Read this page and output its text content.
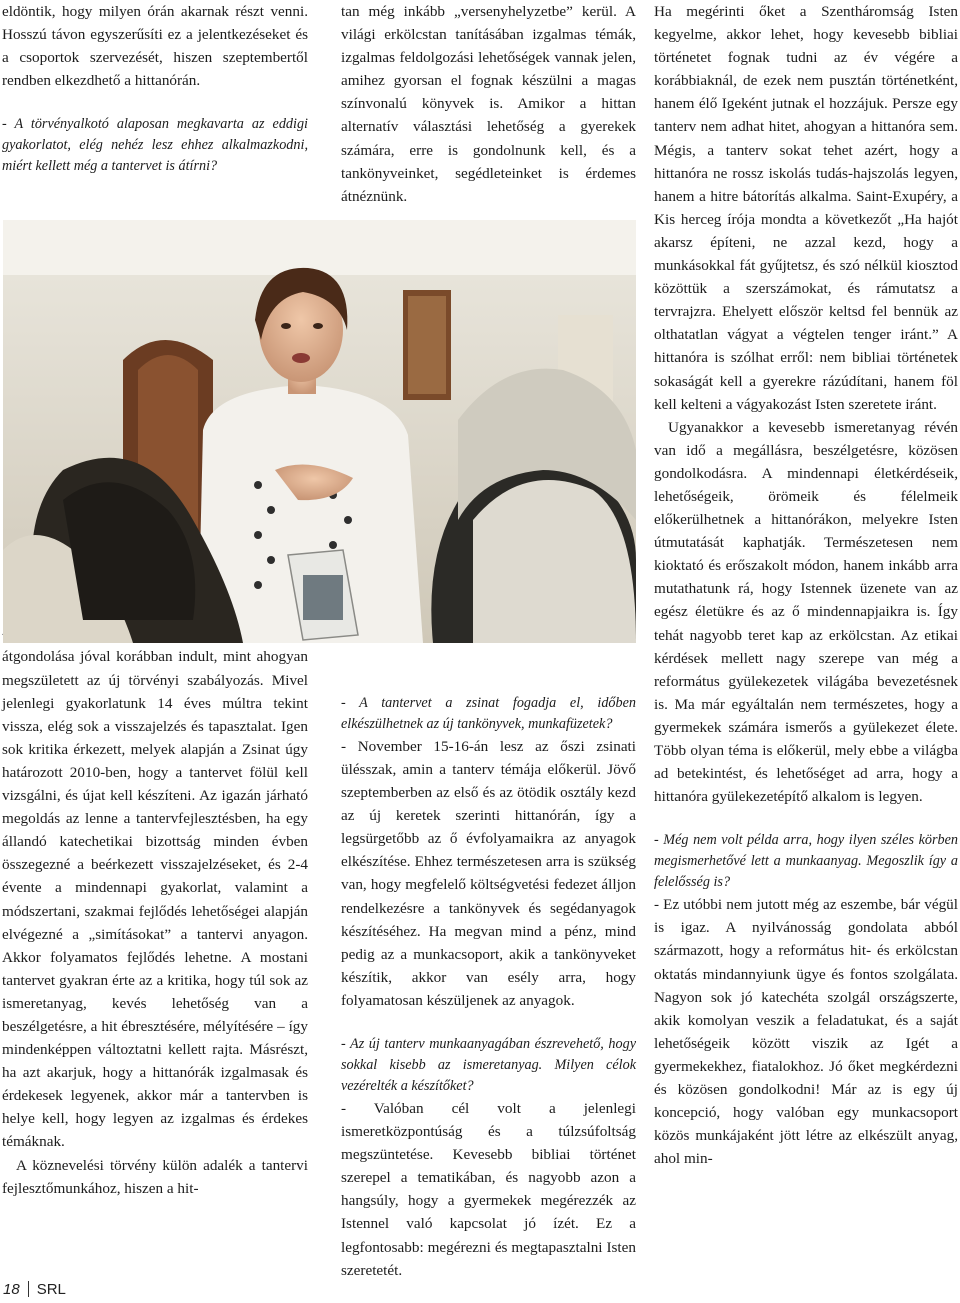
eldöntik, hogy milyen órán akarnak részt venni. Hosszú távon egyszerűsíti ez a jelentkezéseket és a csoportok szervezését, hiszen szeptembertől rendben elkezdhető a hittanórán.

- A törvényalkotó alaposan megkavarta az eddigi gyakorlatot, elég nehéz lesz ehhez alkalmazkodni, miért kellett még a tantervet is átírni?

átgondolása jóval korábban indult, mint ahogyan megszületett az új törvényi szabályozás. Mivel jelenlegi gyakorlatunk 14 éves múltra tekint vissza, elég sok a visszajelzés és tapasztalat. Igen sok kritika érkezett, melyek alapján a Zsinat úgy határozott 2010-ben, hogy a tantervet fölül kell vizsgálni, és újat kell készíteni. Az igazán járható megoldás az lenne a tantervfejlesztésben, ha egy állandó katechetikai bizottság minden évben összegezné a beérkezett visszajelzéseket, és 2-4 évente a mindennapi gyakorlat, valamint a módszertani, szakmai fejlődés lehetőségei alapján elvégezné a „simításokat” a tantervi anyagon. Akkor folyamatos fejlődés lehetne. A mostani tantervet gyakran érte az a kritika, hogy túl sok az ismeretanyag, kevés lehetőség van a beszélgetésre, a hit ébresztésére, mélyítésére – így mindenképpen változtatni kellett rajta. Másrészt, ha azt akarjuk, hogy a hittanórák izgalmasak és érdekesek legyenek, akkor már a tantervben is helye kell, hogy legyen az izgalmas és érdekes témáknak.

A köznevelési törvény külön adalék a tantervi fejlesztőmunkához, hiszen a hit-

tan még inkább „versenyhelyzetbe” kerül. A világi erkölcstan tanításában izgalmas témák, izgalmas feldolgozási lehetőségek vannak jelen, amihez gyorsan el fognak készülni a magas színvonalú könyvek is. Amikor a hittan alternatív választási lehetőség a gyerekek számára, erre is gondolnunk kell, és a tankönyveinket, segédleteinket is érdemes átnéznünk.

- A tantervet a zsinat fogadja el, időben elkészülhetnek az új tankönyvek, munkafüzetek?

- November 15-16-án lesz az őszi zsinati ülésszak, amin a tanterv témája előkerül. Jövő szeptemberben az első és az ötödik osztály kezd az új keretek szerinti hittanórán, így a legsürgetőbb az ő évfolyamaikra az anyagok elkészítése. Ehhez természetesen arra is szükség van, hogy megfelelő költségvetési fedezet álljon rendelkezésre a tankönyvek és segédanyagok készítéséhez. Ha megvan mind a pénz, mind pedig az a munkacsoport, akik a tankönyveket készítik, akkor van esély arra, hogy folyamatosan készüljenek az anyagok.

- Az új tanterv munkaanyagában észrevehető, hogy sokkal kisebb az ismeretanyag. Milyen célok vezérelték a készítőket?

- Valóban cél volt a jelenlegi ismeretközpontúság és a túlzsúfoltság megszüntetése. Kevesebb bibliai történet szerepel a tematikában, és nagyobb azon a hangsúly, hogy a gyermekek megérezzék az Istennel való kapcsolat jó ízét. Ez a legfontosabb: megérezni és megtapasztalni Isten szeretetét.

Ha megérinti őket a Szentháromság Isten kegyelme, akkor lehet, hogy kevesebb bibliai történetet fognak tudni az év végére a korábbiaknál, de ezek nem pusztán történetként, hanem élő Igeként jutnak el hozzájuk. Persze egy tanterv nem adhat hitet, ahogyan a hittanóra sem. Mégis, a tanterv sokat tehet azért, hogy a hittanóra ne rossz iskolás tudás-hajszolás legyen, hanem a hitre bátorítás alkalma. Saint-Exupéry, a Kis herceg írója mondta a következőt „Ha hajót akarsz építeni, ne azzal kezd, hogy a munkásokkal fát gyűjtetsz, és szó nélkül kiosztod közöttük a szerszámokat, és rámutatsz a tervrajzra. Ehelyett először keltsd fel bennük az olthatatlan vágyat a végtelen tenger iránt.” A hittanóra is szólhat erről: nem bibliai történetek sokaságát kell a gyerekre rázúdítani, hanem föl kell kelteni a vágyakozást Isten szeretete iránt.

Ugyanakkor a kevesebb ismeretanyag révén van idő a megállásra, beszélgetésre, közösen gondolkodásra. A mindennapi életkérdéseik, lehetőségeik, örömeik és félelmeik előkerülhetnek a hittanórákon, melyekre Isten útmutatását kaphatják. Természetesen nem kioktató és erőszakolt módon, hanem inkább arra mutathatunk rá, hogy Istennek üzenete van az egész életükre és az ő mindennapjaikra is. Így tehát nagyobb teret kap az erkölcstan. Az etikai kérdések mellett nagy szerepe van még a református gyülekezetek világába bevezetésnek is. Ma már egyáltalán nem természetes, hogy a gyermekek számára ismerős a gyülekezet élete. Több olyan téma is előkerül, mely ebbe a világba ad betekintést, és lehetőséget ad arra, hogy a hittanóra gyülekezetépítő alkalom is legyen.

- Még nem volt példa arra, hogy ilyen széles körben megismerhetővé lett a munkaanyag. Megoszlik így a felelősség is?

- Ez utóbbi nem jutott még az eszembe, bár végül is igaz. A nyilvánosság gondolata abból származott, hogy a református hit- és erkölcstan oktatás mindannyiunk ügye és fontos szolgálata. Nagyon sok jó katechéta szolgál országszerte, akik komolyan veszik a feladatukat, és a saját lehetőségeik között viszik az Igét a gyermekekhez, fiatalokhoz. Jó őket megkérdezni és közösen gondolkodni! Már az is egy új koncepció, hogy valóban egy munkacsoport közös munkájaként jött létre az elkészült anyag, ahol min-

18 SRL
